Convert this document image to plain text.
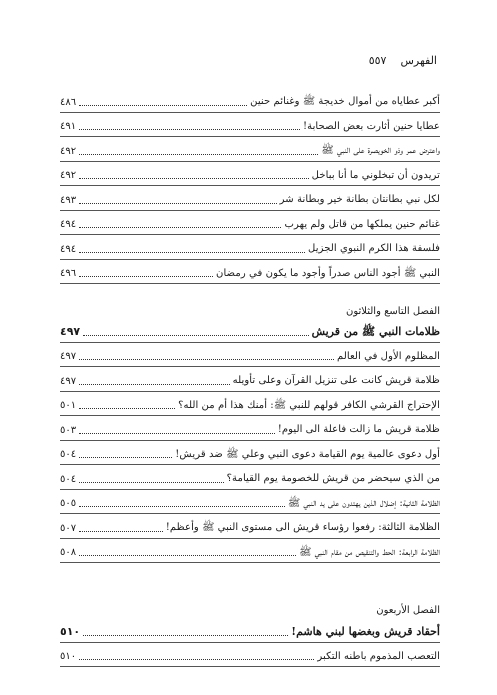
الفهرس
٥٥٧
أكبر عطاياه من أموال خديجة ﷺ وغنائم حنين
٤٨٦
عطايا حنين أثارت بعض الصحابة!
٤٩١
واعترض عمر وذو الخويصرة على النبي ﷺ
٤٩٢
تريدون أن تبخلوني ما أنا بباخل
٤٩٢
لكل نبي بطانتان بطانة خير وبطانة شر
٤٩٣
غنائم حنين يملكها من قاتل ولم يهرب
٤٩٤
فلسفة هذا الكرم النبوي الجزيل
٤٩٤
النبي ﷺ أجود الناس صدراً وأجود ما يكون في رمضان
٤٩٦
الفصل التاسع والثلاثون
ظلامات النبي ﷺ من قريش
٤٩٧
المظلوم الأول في العالم
٤٩٧
ظلامة قريش كانت على تنزيل القرآن وعلى تأويله
٤٩٧
الإحتراج القرشي الكافر قولهم للنبي ﷺ: أمنك هذا أم من الله؟
٥٠١
ظلامة قريش ما زالت فاعلة الى اليوم!
٥٠٣
أول دعوى عالمية يوم القيامة دعوى النبي وعلي ﷺ ضد قريش!
٥٠٤
من الذي سيحضر من قريش للخصومة يوم القيامة؟
٥٠٤
الظلامة الثانية: إضلال الذين يهتدون على يد النبي ﷺ
٥٠٥
الظلامة الثالثة: رفعوا رؤساء قريش الى مستوى النبي ﷺ وأعظم!
٥٠٧
الظلامة الرابعة: الحط والتنقيص من مقام النبي ﷺ
٥٠٨
الفصل الأربعون
أحقاد قريش وبغضها لبني هاشم!
٥١٠
التعصب المذموم باطنه التكبر
٥١٠
